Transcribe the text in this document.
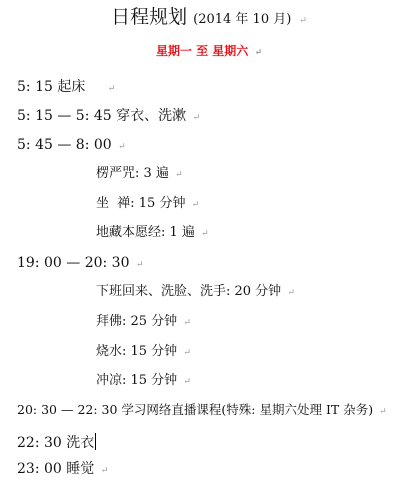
日程规划 (2014 年 10 月) ↵
星期一 至 星期六 ↵
5: 15 起床 ↵
5: 15 — 5: 45 穿衣、洗漱 ↵
5: 45 — 8: 00 ↵
楞严咒: 3 遍 ↵
坐  禅: 15 分钟 ↵
地藏本愿经: 1 遍 ↵
19: 00 — 20: 30 ↵
下班回来、洗脸、洗手: 20 分钟 ↵
拜佛: 25 分钟 ↵
烧水: 15 分钟 ↵
冲凉: 15 分钟 ↵
20: 30 — 22: 30 学习网络直播课程(特殊: 星期六处理 IT 杂务) ↵
22: 30 洗衣
23: 00 睡觉 ↵
